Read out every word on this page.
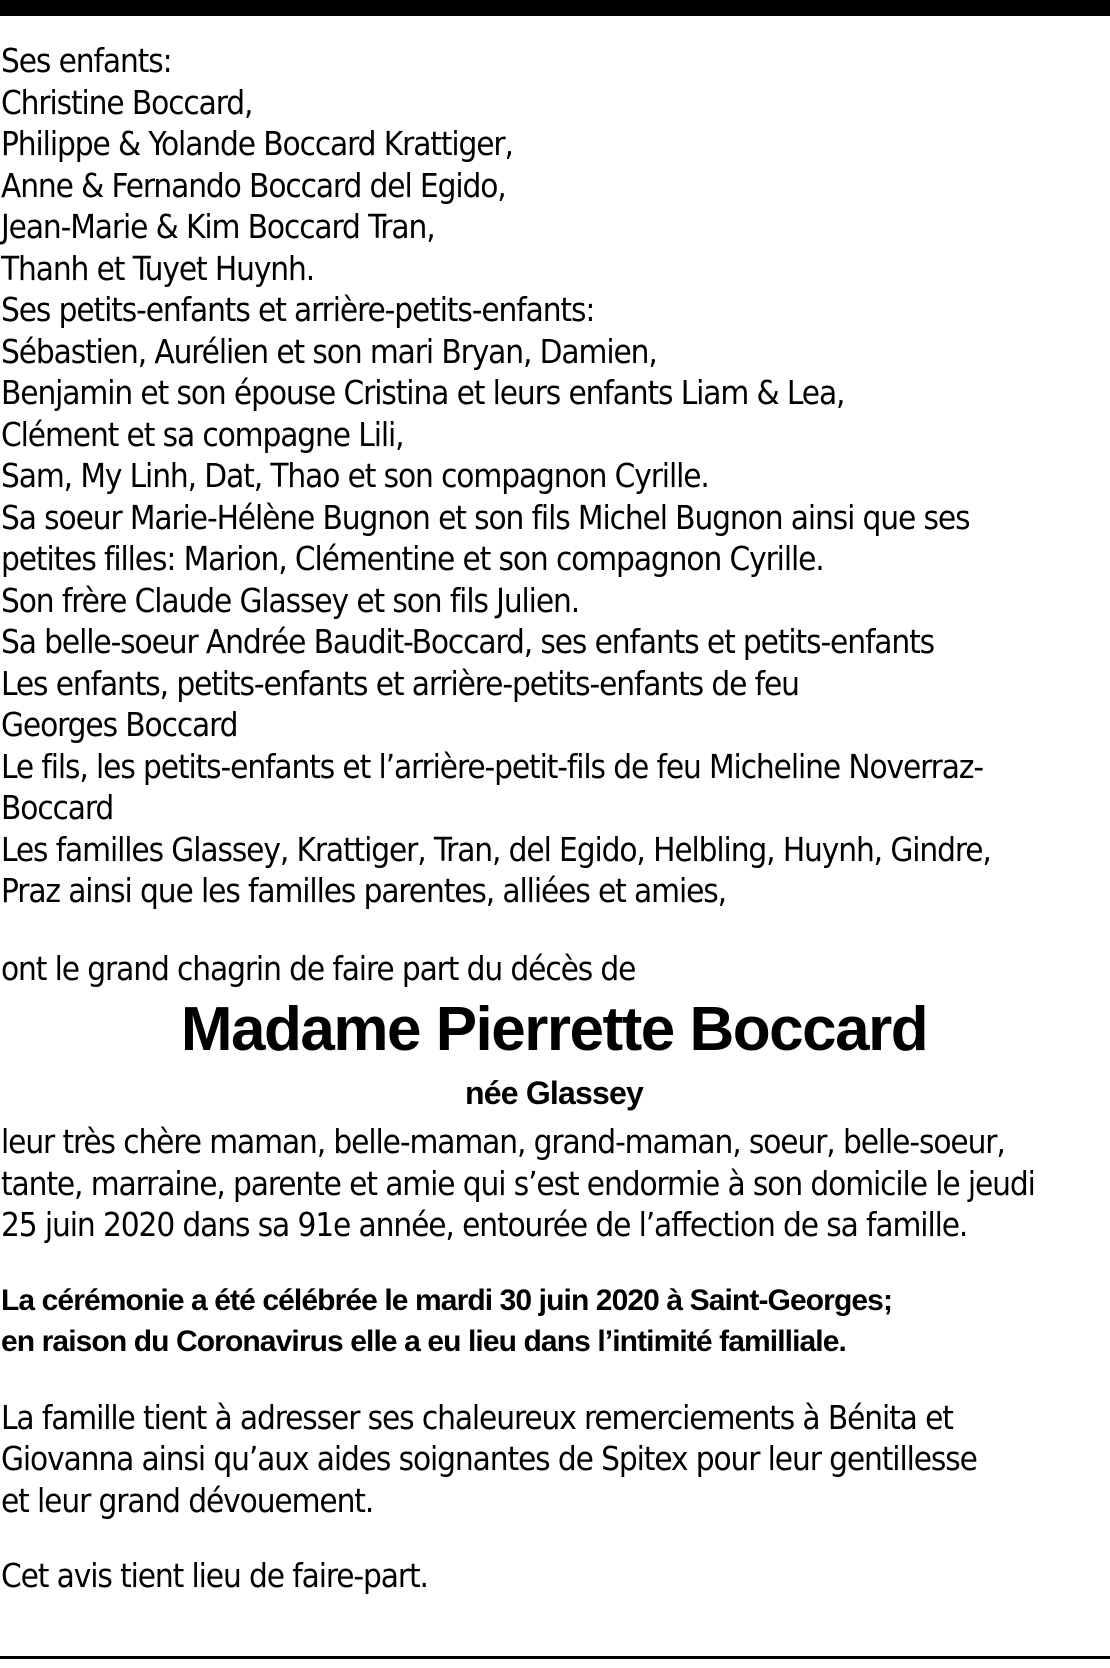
Ses enfants:
Christine Boccard,
Philippe & Yolande Boccard Krattiger,
Anne & Fernando Boccard del Egido,
Jean-Marie & Kim Boccard Tran,
Thanh et Tuyet Huynh.
Ses petits-enfants et arrière-petits-enfants:
Sébastien, Aurélien et son mari Bryan, Damien,
Benjamin et son épouse Cristina et leurs enfants Liam & Lea,
Clément et sa compagne Lili,
Sam, My Linh, Dat, Thao et son compagnon Cyrille.
Sa soeur Marie-Hélène Bugnon et son fils Michel Bugnon ainsi que ses
petites filles: Marion, Clémentine et son compagnon Cyrille.
Son frère Claude Glassey et son fils Julien.
Sa belle-soeur Andrée Baudit-Boccard, ses enfants et petits-enfants
Les enfants, petits-enfants et arrière-petits-enfants de feu
Georges Boccard
Le fils, les petits-enfants et l’arrière-petit-fils de feu Micheline Noverraz-
Boccard
Les familles Glassey, Krattiger, Tran, del Egido, Helbling, Huynh, Gindre,
Praz ainsi que les familles parentes, alliées et amies,
ont le grand chagrin de faire part du décès de
Madame Pierrette Boccard
née Glassey
leur très chère maman, belle-maman, grand-maman, soeur, belle-soeur,
tante, marraine, parente et amie qui s’est endormie à son domicile le jeudi
25 juin 2020 dans sa 91e année, entourée de l’affection de sa famille.
La cérémonie a été célébrée le mardi 30 juin 2020 à Saint-Georges;
en raison du Coronavirus elle a eu lieu dans l’intimité familliale.
La famille tient à adresser ses chaleureux remerciements à Bénita et
Giovanna ainsi qu’aux aides soignantes de Spitex pour leur gentillesse
et leur grand dévouement.
Cet avis tient lieu de faire-part.
